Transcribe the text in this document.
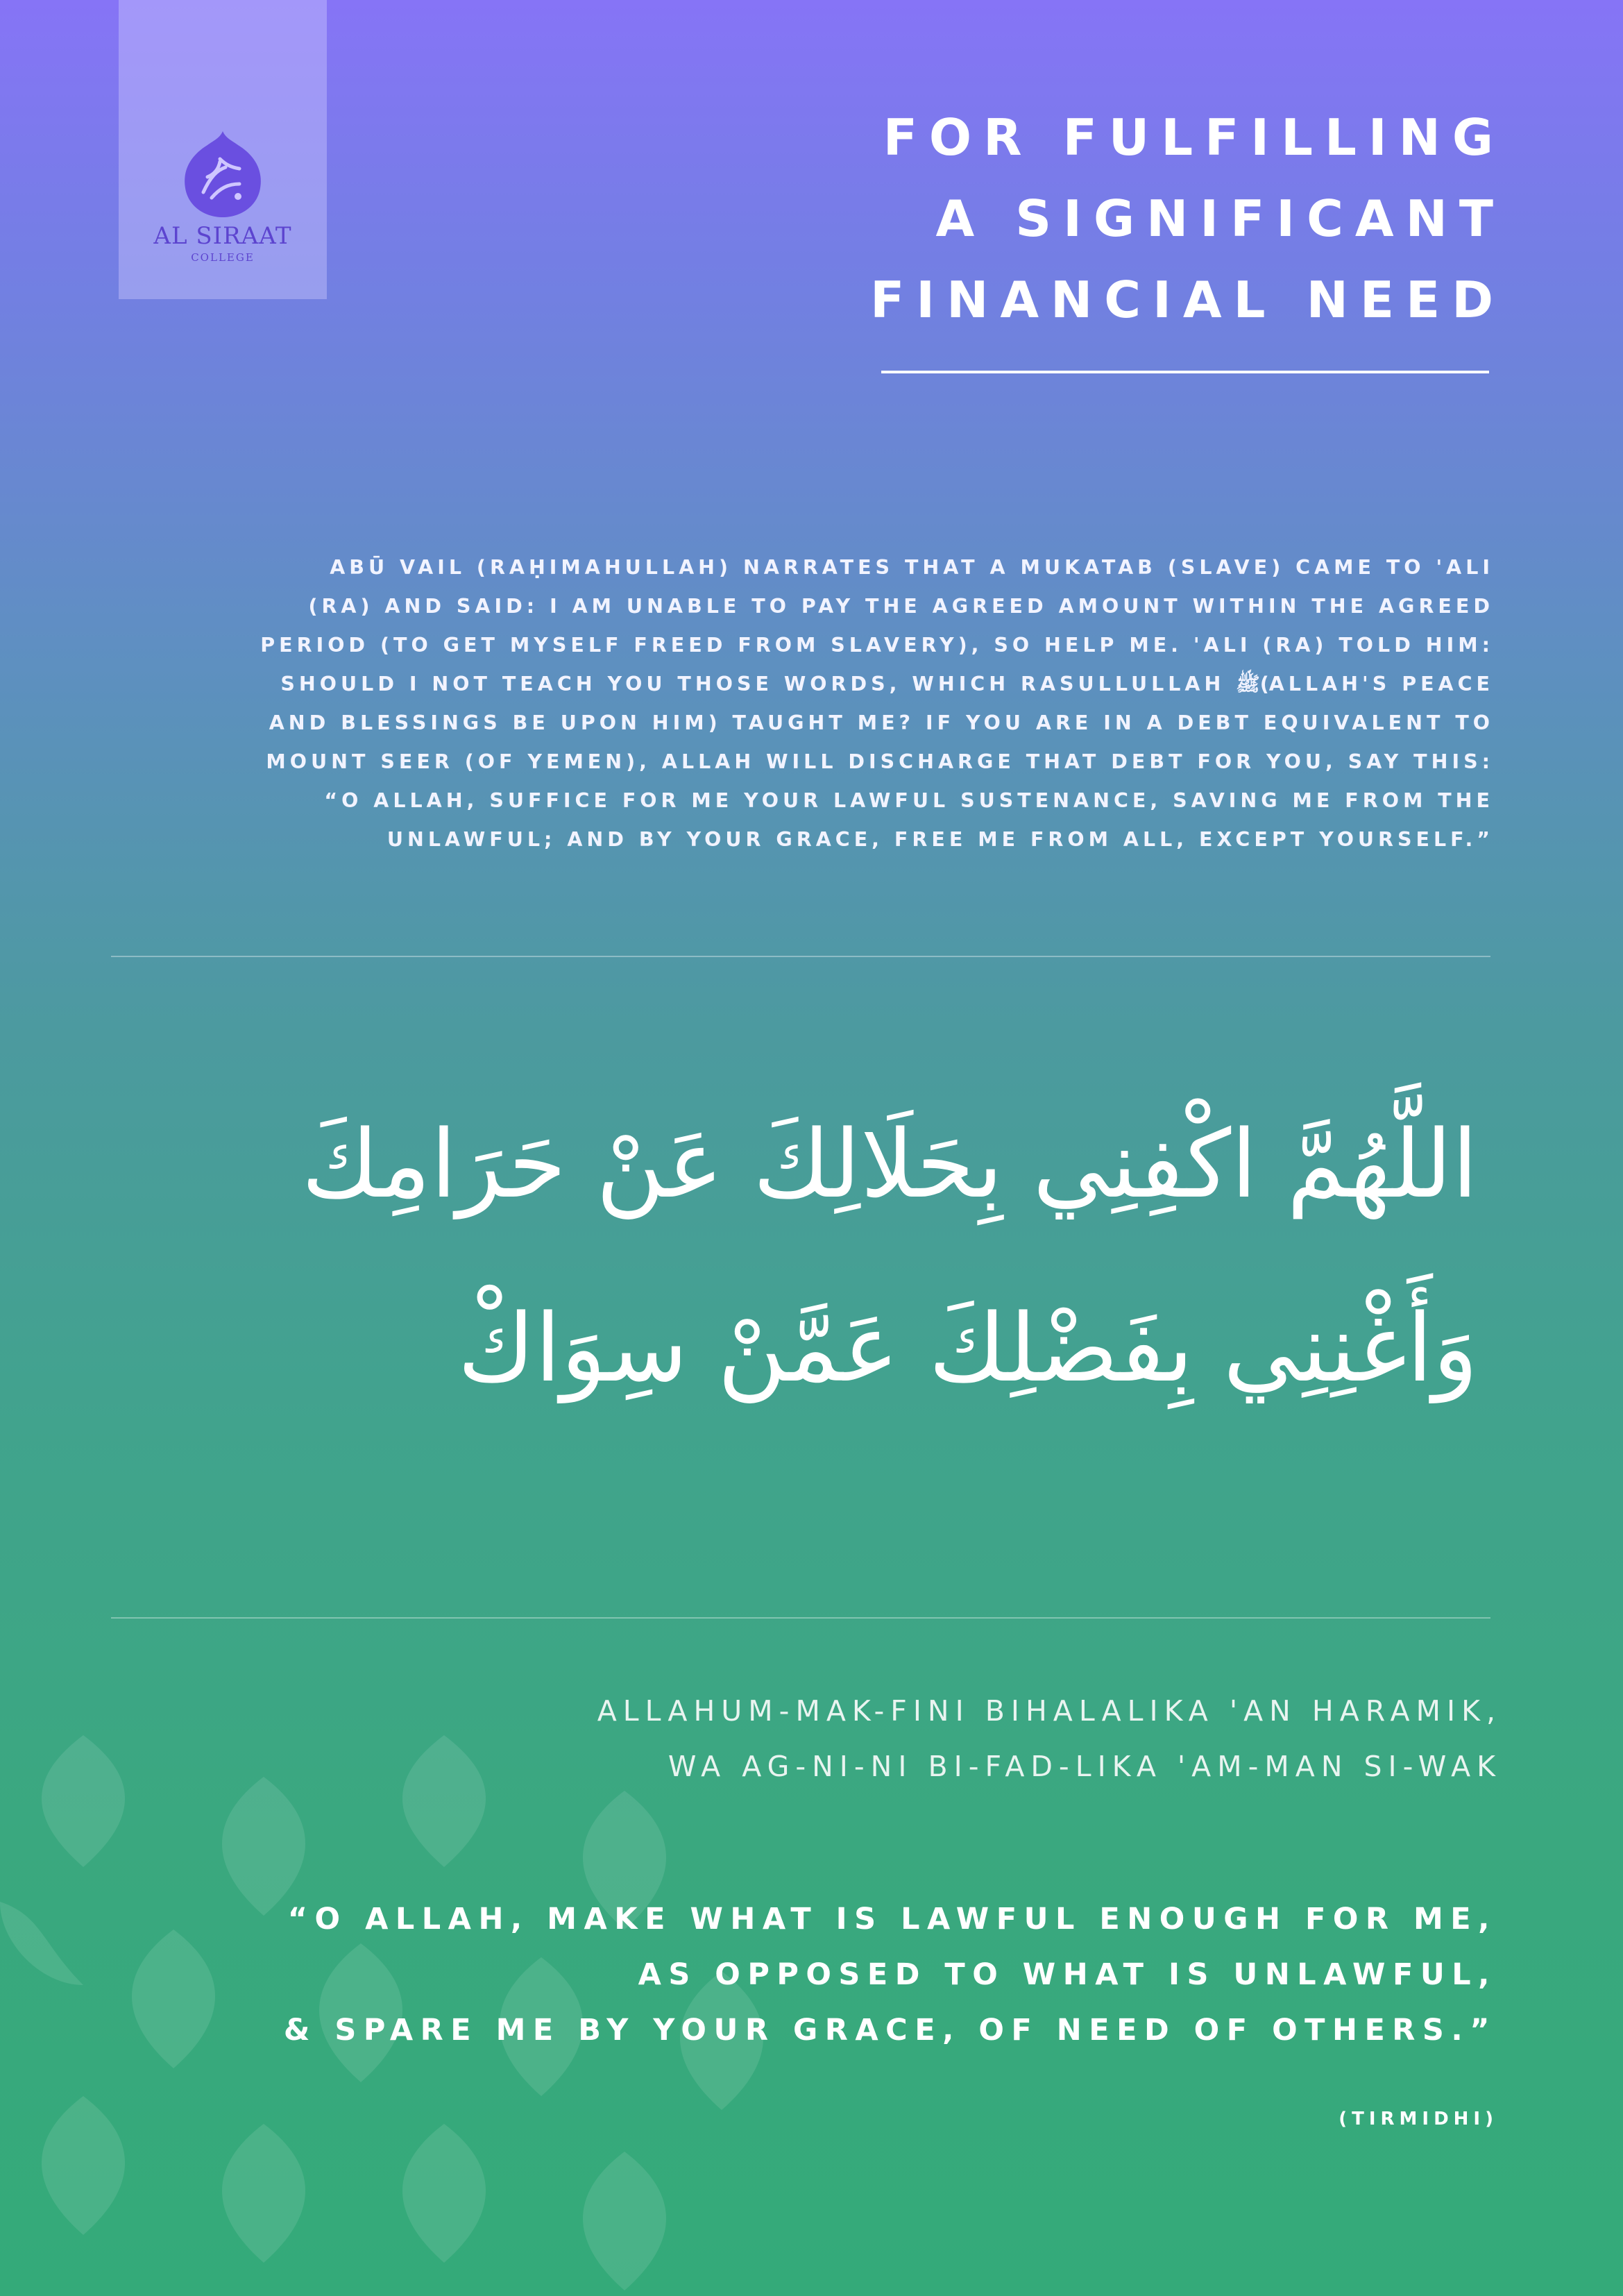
AL SIRAAT
COLLEGE
FOR FULFILLING
A SIGNIFICANT
FINANCIAL NEED
ABŪ VAIL (RAḤIMAHULLAH) NARRATES THAT A MUKATAB (SLAVE) CAME TO 'ALI
(RA) AND SAID: I AM UNABLE TO PAY THE AGREED AMOUNT WITHIN THE AGREED
PERIOD (TO GET MYSELF FREED FROM SLAVERY), SO HELP ME. 'ALI (RA) TOLD HIM:
SHOULD I NOT TEACH YOU THOSE WORDS, WHICH RASULLULLAH ﷺ(ALLAH'S PEACE
AND BLESSINGS BE UPON HIM) TAUGHT ME? IF YOU ARE IN A DEBT EQUIVALENT TO
MOUNT SEER (OF YEMEN), ALLAH WILL DISCHARGE THAT DEBT FOR YOU, SAY THIS:
“O ALLAH, SUFFICE FOR ME YOUR LAWFUL SUSTENANCE, SAVING ME FROM THE
UNLAWFUL; AND BY YOUR GRACE, FREE ME FROM ALL, EXCEPT YOURSELF.”
اللَّهُمَّ اكْفِنِي بِحَلَالِكَ عَنْ حَرَامِكَ
وَأَغْنِنِي بِفَضْلِكَ عَمَّنْ سِوَاكْ
ALLAHUM-MAK-FINI BIHALALIKA 'AN HARAMIK,
WA AG-NI-NI BI-FAD-LIKA 'AM-MAN SI-WAK
“O ALLAH, MAKE WHAT IS LAWFUL ENOUGH FOR ME,
AS OPPOSED TO WHAT IS UNLAWFUL,
& SPARE ME BY YOUR GRACE, OF NEED OF OTHERS.”
(TIRMIDHI)
